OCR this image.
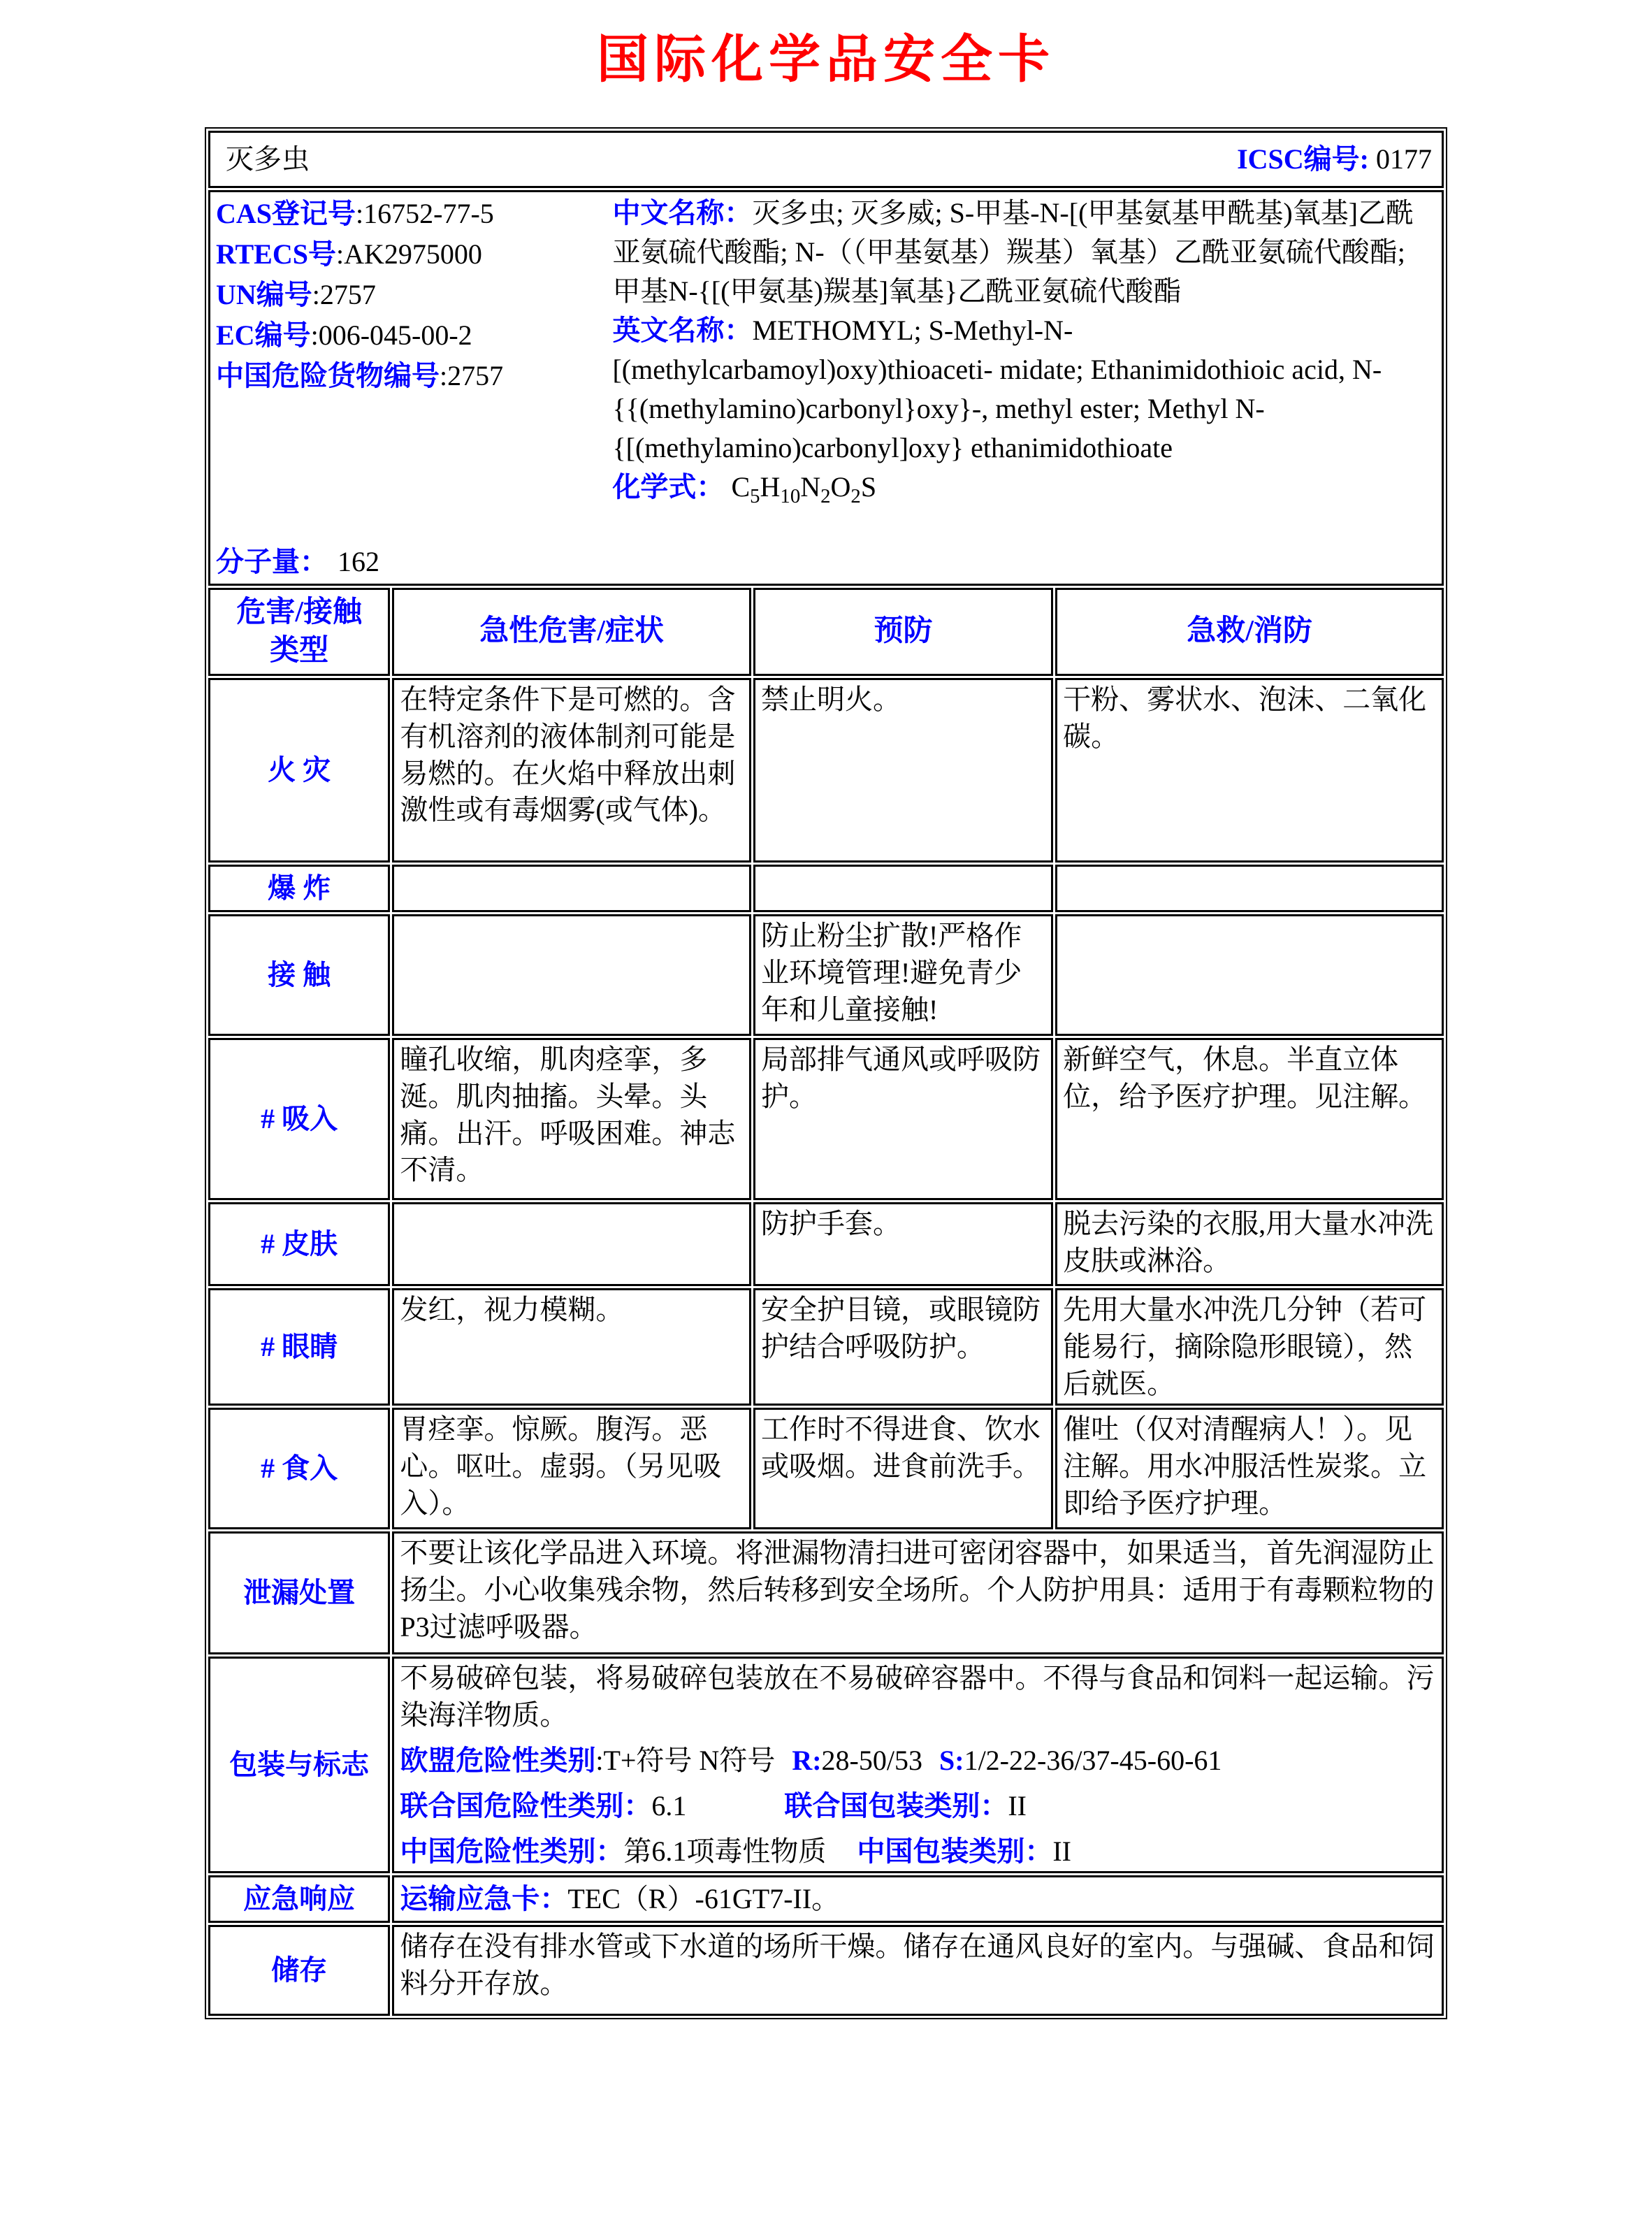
国际化学品安全卡
灭多虫 ICSC编号: 0177			

CAS登记号:16752-77-5
RTECS号:AK2975000
UN编号:2757
EC编号:006-045-00-2
中国危险货物编号:2757
分子量： 162
中文名称：灭多虫; 灭多威; S-甲基-N-[(甲基氨基甲酰基)氧基]乙酰亚氨硫代酸酯; N-（（甲基氨基）羰基）氧基）乙酰亚氨硫代酸酯; 甲基N-{[(甲氨基)羰基]氧基}乙酰亚氨硫代酸酯
英文名称：METHOMYL; S-Methyl-N-[(methylcarbamoyl)oxy)thioaceti- midate; Ethanimidothioic acid, N-{{(methylamino)carbonyl}oxy}-, methyl ester; Methyl N-{[(methylamino)carbonyl]oxy} ethanimidothioate
化学式： $C_5H_{10}N_2O_2S$

危害/接触
类型	急性危害/症状	预防	急救/消防
火 灾	在特定条件下是可燃的。含有机溶剂的液体制剂可能是易燃的。在火焰中释放出刺激性或有毒烟雾(或气体)。	禁止明火。	干粉、雾状水、泡沫、二氧化碳。
爆 炸			
接 触		防止粉尘扩散!严格作业环境管理!避免青少年和儿童接触!	
# 吸入	瞳孔收缩，肌肉痉挛，多涎。肌肉抽搐。头晕。头痛。出汗。呼吸困难。神志不清。	局部排气通风或呼吸防护。	新鲜空气，休息。半直立体位，给予医疗护理。见注解。
# 皮肤		防护手套。	脱去污染的衣服,用大量水冲洗皮肤或淋浴。
# 眼睛	发红，视力模糊。	安全护目镜，或眼镜防护结合呼吸防护。	先用大量水冲洗几分钟（若可能易行，摘除隐形眼镜），然后就医。
# 食入	胃痉挛。惊厥。腹泻。恶心。呕吐。虚弱。（另见吸入）。	工作时不得进食、饮水或吸烟。进食前洗手。	催吐（仅对清醒病人！）。见注解。用水冲服活性炭浆。立即给予医疗护理。
泄漏处置	不要让该化学品进入环境。将泄漏物清扫进可密闭容器中，如果适当，首先润湿防止扬尘。小心收集残余物，然后转移到安全场所。个人防护用具：适用于有毒颗粒物的P3过滤呼吸器。		
包装与标志	不易破碎包装，将易破碎包装放在不易破碎容器中。不得与食品和饲料一起运输。污染海洋物质。
欧盟危险性类别:T+符号 N符号 R:28-50/53 S:1/2-22-36/37-45-60-61
联合国危险性类别：6.1 联合国包装类别：II
中国危险性类别：第6.1项毒性物质 中国包装类别：II		

应急响应	运输应急卡：TEC（R）-61GT7-II。		
储存	储存在没有排水管或下水道的场所干燥。储存在通风良好的室内。与强碱、食品和饲料分开存放。		
